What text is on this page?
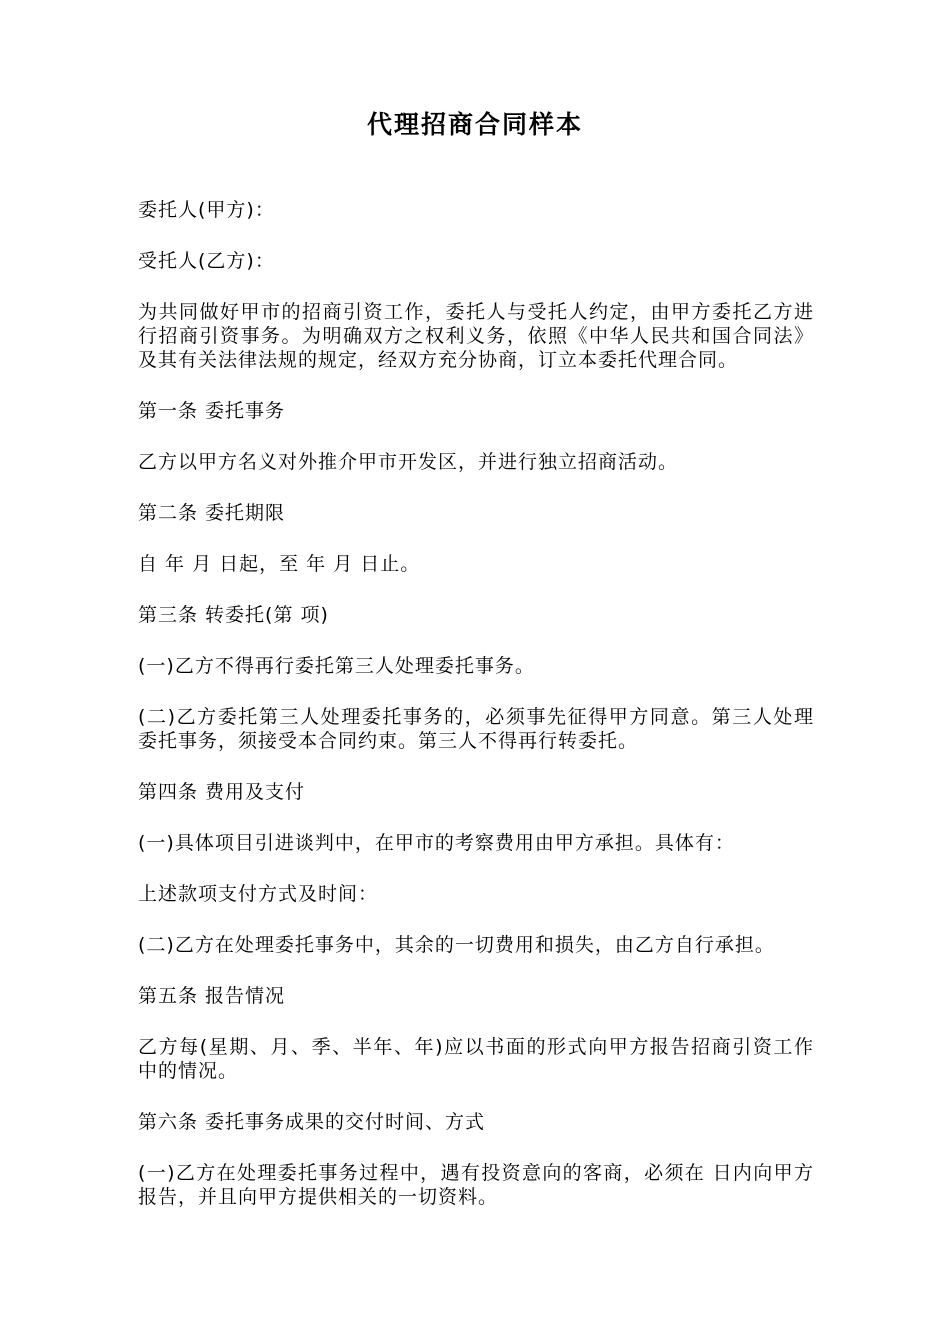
代理招商合同样本

委托人(甲方)：

受托人(乙方)：

为共同做好甲市的招商引资工作，委托人与受托人约定，由甲方委托乙方进行招商引资事务。为明确双方之权利义务，依照《中华人民共和国合同法》及其有关法律法规的规定，经双方充分协商，订立本委托代理合同。

第一条 委托事务

乙方以甲方名义对外推介甲市开发区，并进行独立招商活动。

第二条 委托期限

自 年 月 日起，至 年 月 日止。

第三条 转委托(第 项)

(一)乙方不得再行委托第三人处理委托事务。

(二)乙方委托第三人处理委托事务的，必须事先征得甲方同意。第三人处理委托事务，须接受本合同约束。第三人不得再行转委托。

第四条 费用及支付

(一)具体项目引进谈判中，在甲市的考察费用由甲方承担。具体有：

上述款项支付方式及时间：

(二)乙方在处理委托事务中，其余的一切费用和损失，由乙方自行承担。

第五条 报告情况

乙方每(星期、月、季、半年、年)应以书面的形式向甲方报告招商引资工作中的情况。

第六条 委托事务成果的交付时间、方式

(一)乙方在处理委托事务过程中，遇有投资意向的客商，必须在 日内向甲方报告，并且向甲方提供相关的一切资料。
